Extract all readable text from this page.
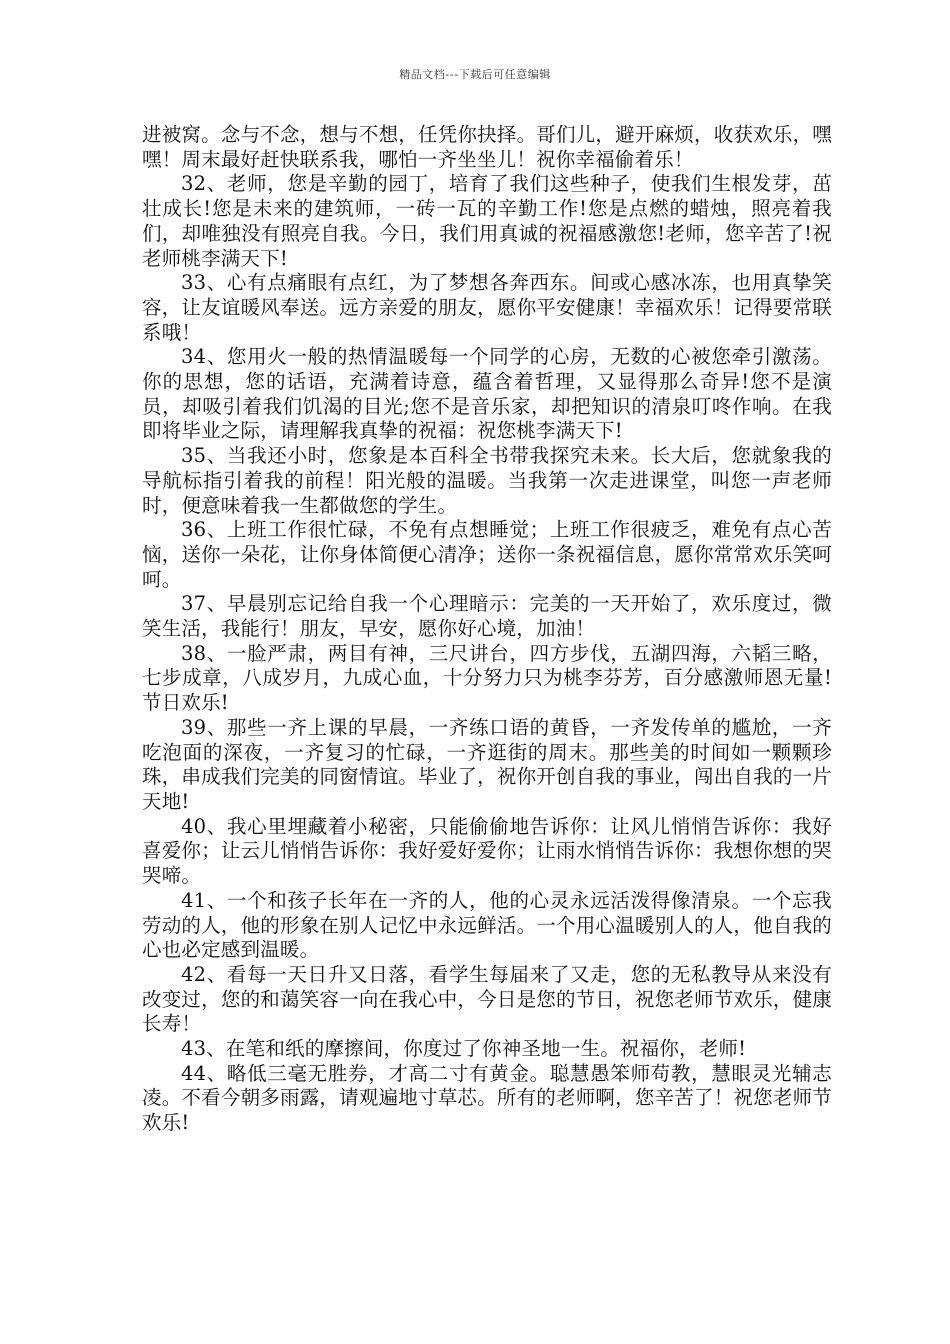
精品文档---下载后可任意编辑

进被窝。念与不念，想与不想，任凭你抉择。哥们儿，避开麻烦，收获欢乐，嘿嘿！周末最好赶快联系我，哪怕一齐坐坐儿！祝你幸福偷着乐！

32、老师，您是辛勤的园丁，培育了我们这些种子，使我们生根发芽，茁壮成长!您是未来的建筑师，一砖一瓦的辛勤工作!您是点燃的蜡烛，照亮着我们，却唯独没有照亮自我。今日，我们用真诚的祝福感激您!老师，您辛苦了!祝老师桃李满天下!

33、心有点痛眼有点红，为了梦想各奔西东。间或心感冰冻，也用真挚笑容，让友谊暖风奉送。远方亲爱的朋友，愿你平安健康！幸福欢乐！记得要常联系哦！

34、您用火一般的热情温暖每一个同学的心房，无数的心被您牵引激荡。你的思想，您的话语，充满着诗意，蕴含着哲理，又显得那么奇异!您不是演员，却吸引着我们饥渴的目光;您不是音乐家，却把知识的清泉叮咚作响。在我即将毕业之际，请理解我真挚的祝福：祝您桃李满天下!

35、当我还小时，您象是本百科全书带我探究未来。长大后，您就象我的导航标指引着我的前程！阳光般的温暖。当我第一次走进课堂，叫您一声老师时，便意味着我一生都做您的学生。

36、上班工作很忙碌，不免有点想睡觉；上班工作很疲乏，难免有点心苦恼，送你一朵花，让你身体简便心清净；送你一条祝福信息，愿你常常欢乐笑呵呵。

37、早晨别忘记给自我一个心理暗示：完美的一天开始了，欢乐度过，微笑生活，我能行！朋友，早安，愿你好心境，加油！

38、一脸严肃，两目有神，三尺讲台，四方步伐，五湖四海，六韬三略，七步成章，八成岁月，九成心血，十分努力只为桃李芬芳，百分感激师恩无量!节日欢乐!

39、那些一齐上课的早晨，一齐练口语的黄昏，一齐发传单的尴尬，一齐吃泡面的深夜，一齐复习的忙碌，一齐逛街的周末。那些美的时间如一颗颗珍珠，串成我们完美的同窗情谊。毕业了，祝你开创自我的事业，闯出自我的一片天地!

40、我心里埋藏着小秘密，只能偷偷地告诉你：让风儿悄悄告诉你：我好喜爱你；让云儿悄悄告诉你：我好爱好爱你；让雨水悄悄告诉你：我想你想的哭哭啼。

41、一个和孩子长年在一齐的人，他的心灵永远活泼得像清泉。一个忘我劳动的人，他的形象在别人记忆中永远鲜活。一个用心温暖别人的人，他自我的心也必定感到温暖。

42、看每一天日升又日落，看学生每届来了又走，您的无私教导从来没有改变过，您的和蔼笑容一向在我心中，今日是您的节日，祝您老师节欢乐，健康长寿！

43、在笔和纸的摩擦间，你度过了你神圣地一生。祝福你，老师!

44、略低三毫无胜券，才高二寸有黄金。聪慧愚笨师苟教，慧眼灵光辅志凌。不看今朝多雨露，请观遍地寸草芯。所有的老师啊，您辛苦了！祝您老师节欢乐!
